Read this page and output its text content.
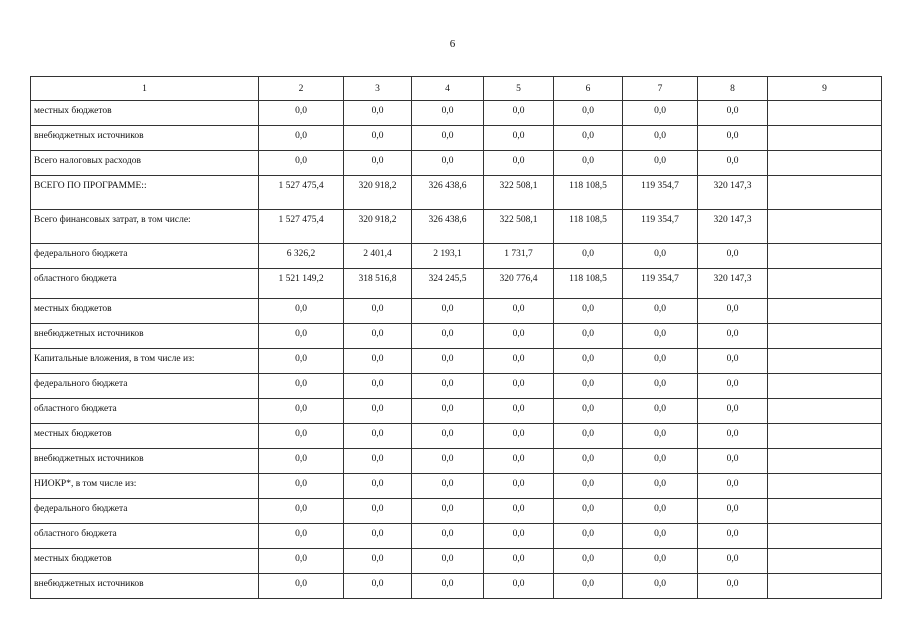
6
1	2	3	4	5	6	7	8	9
местных бюджетов	0,0	0,0	0,0	0,0	0,0	0,0	0,0	
внебюджетных источников	0,0	0,0	0,0	0,0	0,0	0,0	0,0	
Всего налоговых расходов	0,0	0,0	0,0	0,0	0,0	0,0	0,0	
ВСЕГО ПО ПРОГРАММЕ::	1 527 475,4	320 918,2	326 438,6	322 508,1	118 108,5	119 354,7	320 147,3	
Всего финансовых затрат, в том числе:	1 527 475,4	320 918,2	326 438,6	322 508,1	118 108,5	119 354,7	320 147,3	
федерального бюджета	6 326,2	2 401,4	2 193,1	1 731,7	0,0	0,0	0,0	
областного бюджета	1 521 149,2	318 516,8	324 245,5	320 776,4	118 108,5	119 354,7	320 147,3	
местных бюджетов	0,0	0,0	0,0	0,0	0,0	0,0	0,0	
внебюджетных источников	0,0	0,0	0,0	0,0	0,0	0,0	0,0	
Капитальные вложения, в том числе из:	0,0	0,0	0,0	0,0	0,0	0,0	0,0	
федерального бюджета	0,0	0,0	0,0	0,0	0,0	0,0	0,0	
областного бюджета	0,0	0,0	0,0	0,0	0,0	0,0	0,0	
местных бюджетов	0,0	0,0	0,0	0,0	0,0	0,0	0,0	
внебюджетных источников	0,0	0,0	0,0	0,0	0,0	0,0	0,0	
НИОКР*, в том числе из:	0,0	0,0	0,0	0,0	0,0	0,0	0,0	
федерального бюджета	0,0	0,0	0,0	0,0	0,0	0,0	0,0	
областного бюджета	0,0	0,0	0,0	0,0	0,0	0,0	0,0	
местных бюджетов	0,0	0,0	0,0	0,0	0,0	0,0	0,0	
внебюджетных источников	0,0	0,0	0,0	0,0	0,0	0,0	0,0	
